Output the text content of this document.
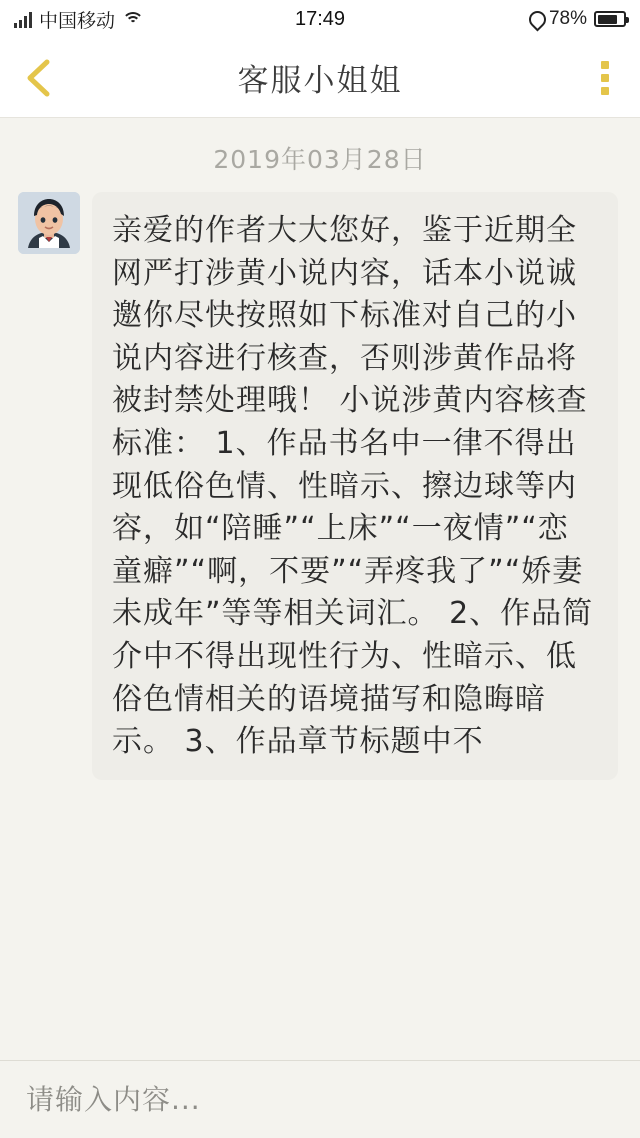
中国移动	17:49	78%
客服小姐姐
2019年03月28日

亲爱的作者大大您好，鉴于近期全网严打涉黄小说内容，话本小说诚邀你尽快按照如下标准对自己的小说内容进行核查，否则涉黄作品将被封禁处理哦！ 小说涉黄内容核查标准： 1、作品书名中一律不得出现低俗色情、性暗示、擦边球等内容，如“陪睡”“上床”“一夜情”“恋童癖”“啊，不要”“弄疼我了”“娇妻未成年”等等相关词汇。 2、作品简介中不得出现性行为、性暗示、低俗色情相关的语境描写和隐晦暗示。 3、作品章节标题中不

请输入内容...
